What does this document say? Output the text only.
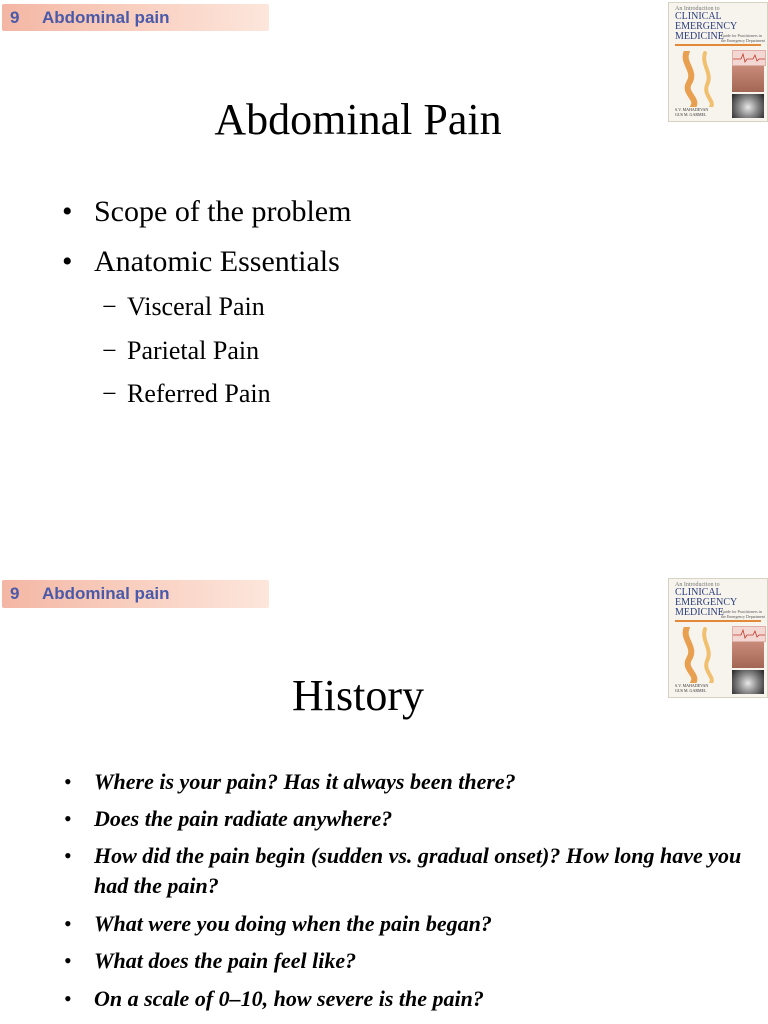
9 Abdominal pain	An Introduction to
CLINICAL
EMERGENCY
MEDICINE
Guide for Practitioners in the Emergency Department
S.V. MAHADEVAN
GUS M. GARMEL
Abdominal Pain
• Scope of the problem
• Anatomic Essentials
− Visceral Pain
− Parietal Pain
− Referred Pain
9 Abdominal pain	An Introduction to
CLINICAL
EMERGENCY
MEDICINE
Guide for Practitioners in the Emergency Department
S.V. MAHADEVAN
GUS M. GARMEL
History
• Where is your pain? Has it always been there?
• Does the pain radiate anywhere?
• How did the pain begin (sudden vs. gradual onset)? How long have you had the pain?
• What were you doing when the pain began?
• What does the pain feel like?
• On a scale of 0–10, how severe is the pain?
